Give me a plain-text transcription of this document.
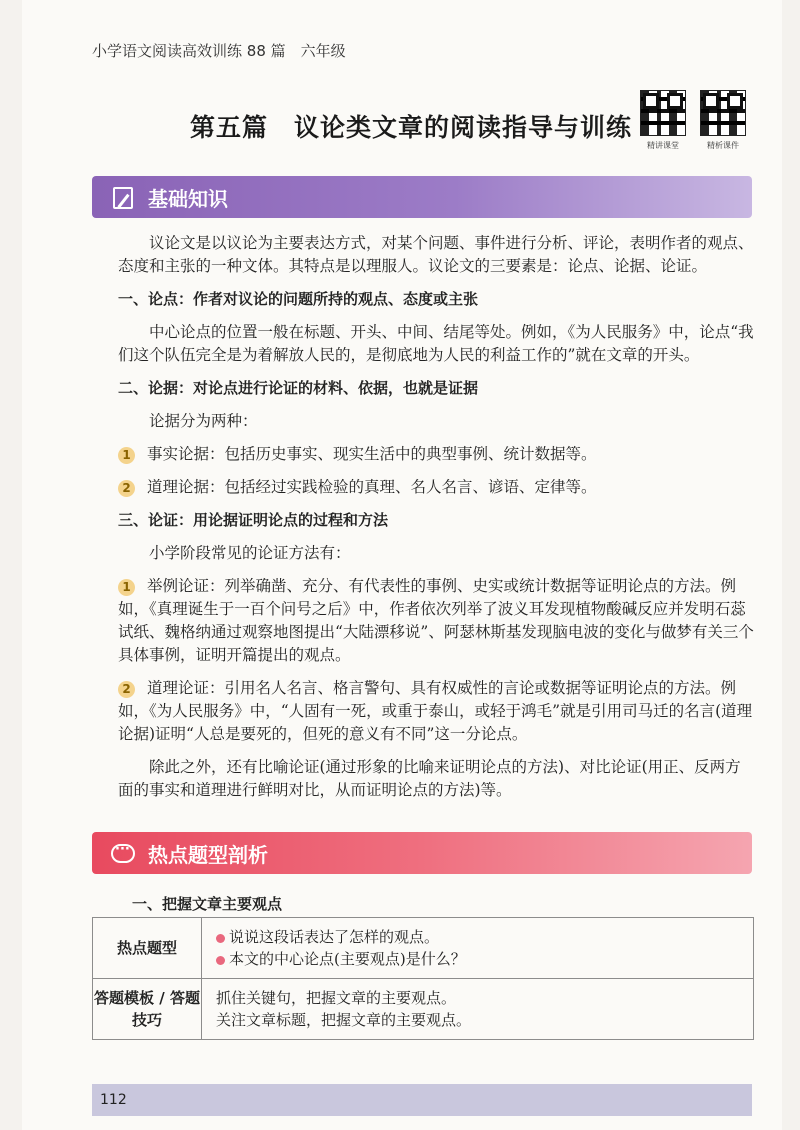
小学语文阅读高效训练 88 篇　六年级
第五篇　议论类文章的阅读指导与训练
精讲课堂	精析课件
基础知识

议论文是以议论为主要表达方式，对某个问题、事件进行分析、评论，表明作者的观点、态度和主张的一种文体。其特点是以理服人。议论文的三要素是：论点、论据、论证。

一、论点：作者对议论的问题所持的观点、态度或主张

中心论点的位置一般在标题、开头、中间、结尾等处。例如，《为人民服务》中，论点“我们这个队伍完全是为着解放人民的，是彻底地为人民的利益工作的”就在文章的开头。

二、论据：对论点进行论证的材料、依据，也就是证据

论据分为两种：

1 事实论据：包括历史事实、现实生活中的典型事例、统计数据等。

2 道理论据：包括经过实践检验的真理、名人名言、谚语、定律等。

三、论证：用论据证明论点的过程和方法

小学阶段常见的论证方法有：

1 举例论证：列举确凿、充分、有代表性的事例、史实或统计数据等证明论点的方法。例如，《真理诞生于一百个问号之后》中，作者依次列举了波义耳发现植物酸碱反应并发明石蕊试纸、魏格纳通过观察地图提出“大陆漂移说”、阿瑟林斯基发现脑电波的变化与做梦有关三个具体事例，证明开篇提出的观点。

2 道理论证：引用名人名言、格言警句、具有权威性的言论或数据等证明论点的方法。例如，《为人民服务》中，“人固有一死，或重于泰山，或轻于鸿毛”就是引用司马迁的名言(道理论据)证明“人总是要死的，但死的意义有不同”这一分论点。

除此之外，还有比喻论证(通过形象的比喻来证明论点的方法)、对比论证(用正、反两方面的事实和道理进行鲜明对比，从而证明论点的方法)等。

···
热点题型剖析
一、把握文章主要观点
热点题型
说说这段话表达了怎样的观点。
本文的中心论点(主要观点)是什么？
答题模板 / 答题技巧
抓住关键句，把握文章的主要观点。
关注文章标题，把握文章的主要观点。
112
